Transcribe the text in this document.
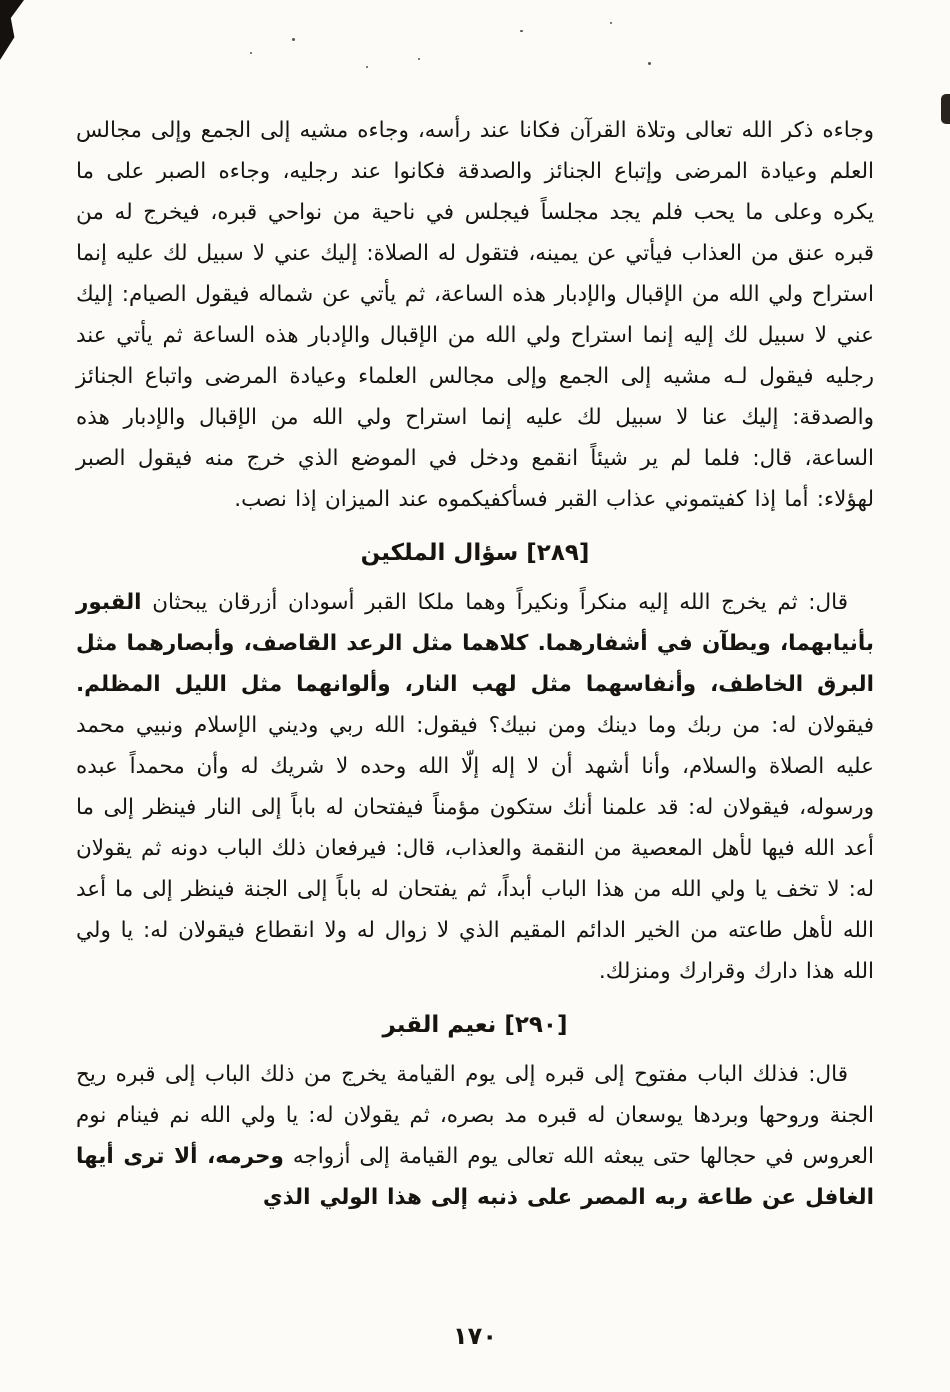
وجاءه ذكر الله تعالى وتلاة القرآن فكانا عند رأسه، وجاءه مشيه إلى الجمع وإلى مجالس العلم وعيادة المرضى وإتباع الجنائز والصدقة فكانوا عند رجليه، وجاءه الصبر على ما يكره وعلى ما يحب فلم يجد مجلساً فيجلس في ناحية من نواحي قبره، فيخرج له من قبره عنق من العذاب فيأتي عن يمينه، فتقول له الصلاة: إليك عني لا سبيل لك عليه إنما استراح ولي الله من الإقبال والإدبار هذه الساعة، ثم يأتي عن شماله فيقول الصيام: إليك عني لا سبيل لك إليه إنما استراح ولي الله من الإقبال والإدبار هذه الساعة ثم يأتي عند رجليه فيقول لـه مشيه إلى الجمع وإلى مجالس العلماء وعيادة المرضى واتباع الجنائز والصدقة: إليك عنا لا سبيل لك عليه إنما استراح ولي الله من الإقبال والإدبار هذه الساعة، قال: فلما لم ير شيئاً انقمع ودخل في الموضع الذي خرج منه فيقول الصبر لهؤلاء: أما إذا كفيتموني عذاب القبر فسأكفيكموه عند الميزان إذا نصب.

[٢٨٩] سؤال الملكين

قال: ثم يخرج الله إليه منكراً ونكيراً وهما ملكا القبر أسودان أزرقان يبحثان القبور بأنيابهما، ويطآن في أشفارهما. كلاهما مثل الرعد القاصف، وأبصارهما مثل البرق الخاطف، وأنفاسهما مثل لهب النار، وألوانهما مثل الليل المظلم. فيقولان له: من ربك وما دينك ومن نبيك؟ فيقول: الله ربي وديني الإسلام ونبيي محمد عليه الصلاة والسلام، وأنا أشهد أن لا إله إلّا الله وحده لا شريك له وأن محمداً عبده ورسوله، فيقولان له: قد علمنا أنك ستكون مؤمناً فيفتحان له باباً إلى النار فينظر إلى ما أعد الله فيها لأهل المعصية من النقمة والعذاب، قال: فيرفعان ذلك الباب دونه ثم يقولان له: لا تخف يا ولي الله من هذا الباب أبداً، ثم يفتحان له باباً إلى الجنة فينظر إلى ما أعد الله لأهل طاعته من الخير الدائم المقيم الذي لا زوال له ولا انقطاع فيقولان له: يا ولي الله هذا دارك وقرارك ومنزلك.

[٢٩٠] نعيم القبر

قال: فذلك الباب مفتوح إلى قبره إلى يوم القيامة يخرج من ذلك الباب إلى قبره ريح الجنة وروحها وبردها يوسعان له قبره مد بصره، ثم يقولان له: يا ولي الله نم فينام نوم العروس في حجالها حتى يبعثه الله تعالى يوم القيامة إلى أزواجه وحرمه، ألا ترى أيها الغافل عن طاعة ربه المصر على ذنبه إلى هذا الولي الذي

١٧٠
